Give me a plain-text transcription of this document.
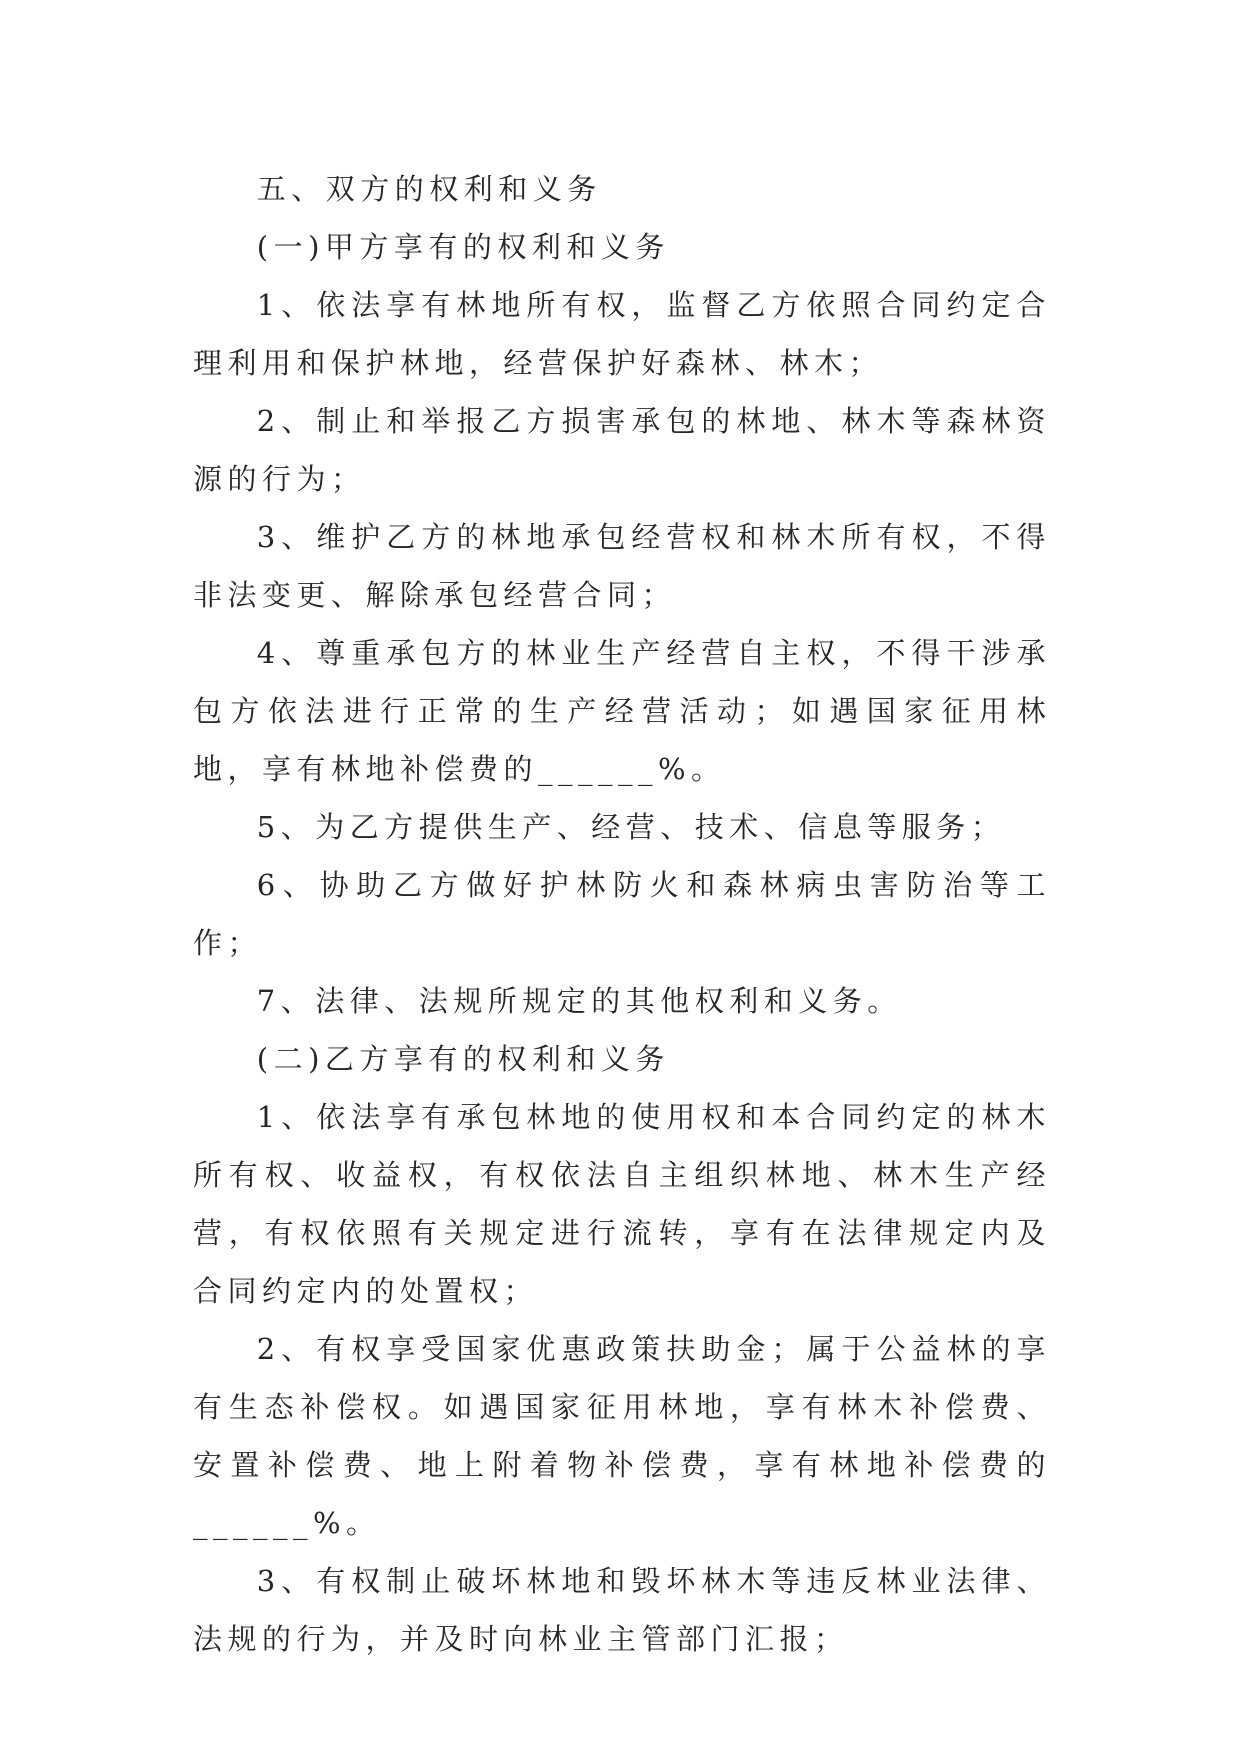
五、双方的权利和义务

(一)甲方享有的权利和义务

1、依法享有林地所有权，监督乙方依照合同约定合理利用和保护林地，经营保护好森林、林木；

2、制止和举报乙方损害承包的林地、林木等森林资源的行为；

3、维护乙方的林地承包经营权和林木所有权，不得非法变更、解除承包经营合同；

4、尊重承包方的林业生产经营自主权，不得干涉承包方依法进行正常的生产经营活动；如遇国家征用林地，享有林地补偿费的______%。

5、为乙方提供生产、经营、技术、信息等服务；

6、协助乙方做好护林防火和森林病虫害防治等工作；

7、法律、法规所规定的其他权利和义务。

(二)乙方享有的权利和义务

1、依法享有承包林地的使用权和本合同约定的林木所有权、收益权，有权依法自主组织林地、林木生产经营，有权依照有关规定进行流转，享有在法律规定内及合同约定内的处置权；

2、有权享受国家优惠政策扶助金；属于公益林的享有生态补偿权。如遇国家征用林地，享有林木补偿费、安置补偿费、地上附着物补偿费，享有林地补偿费的______%。

3、有权制止破坏林地和毁坏林木等违反林业法律、法规的行为，并及时向林业主管部门汇报；
